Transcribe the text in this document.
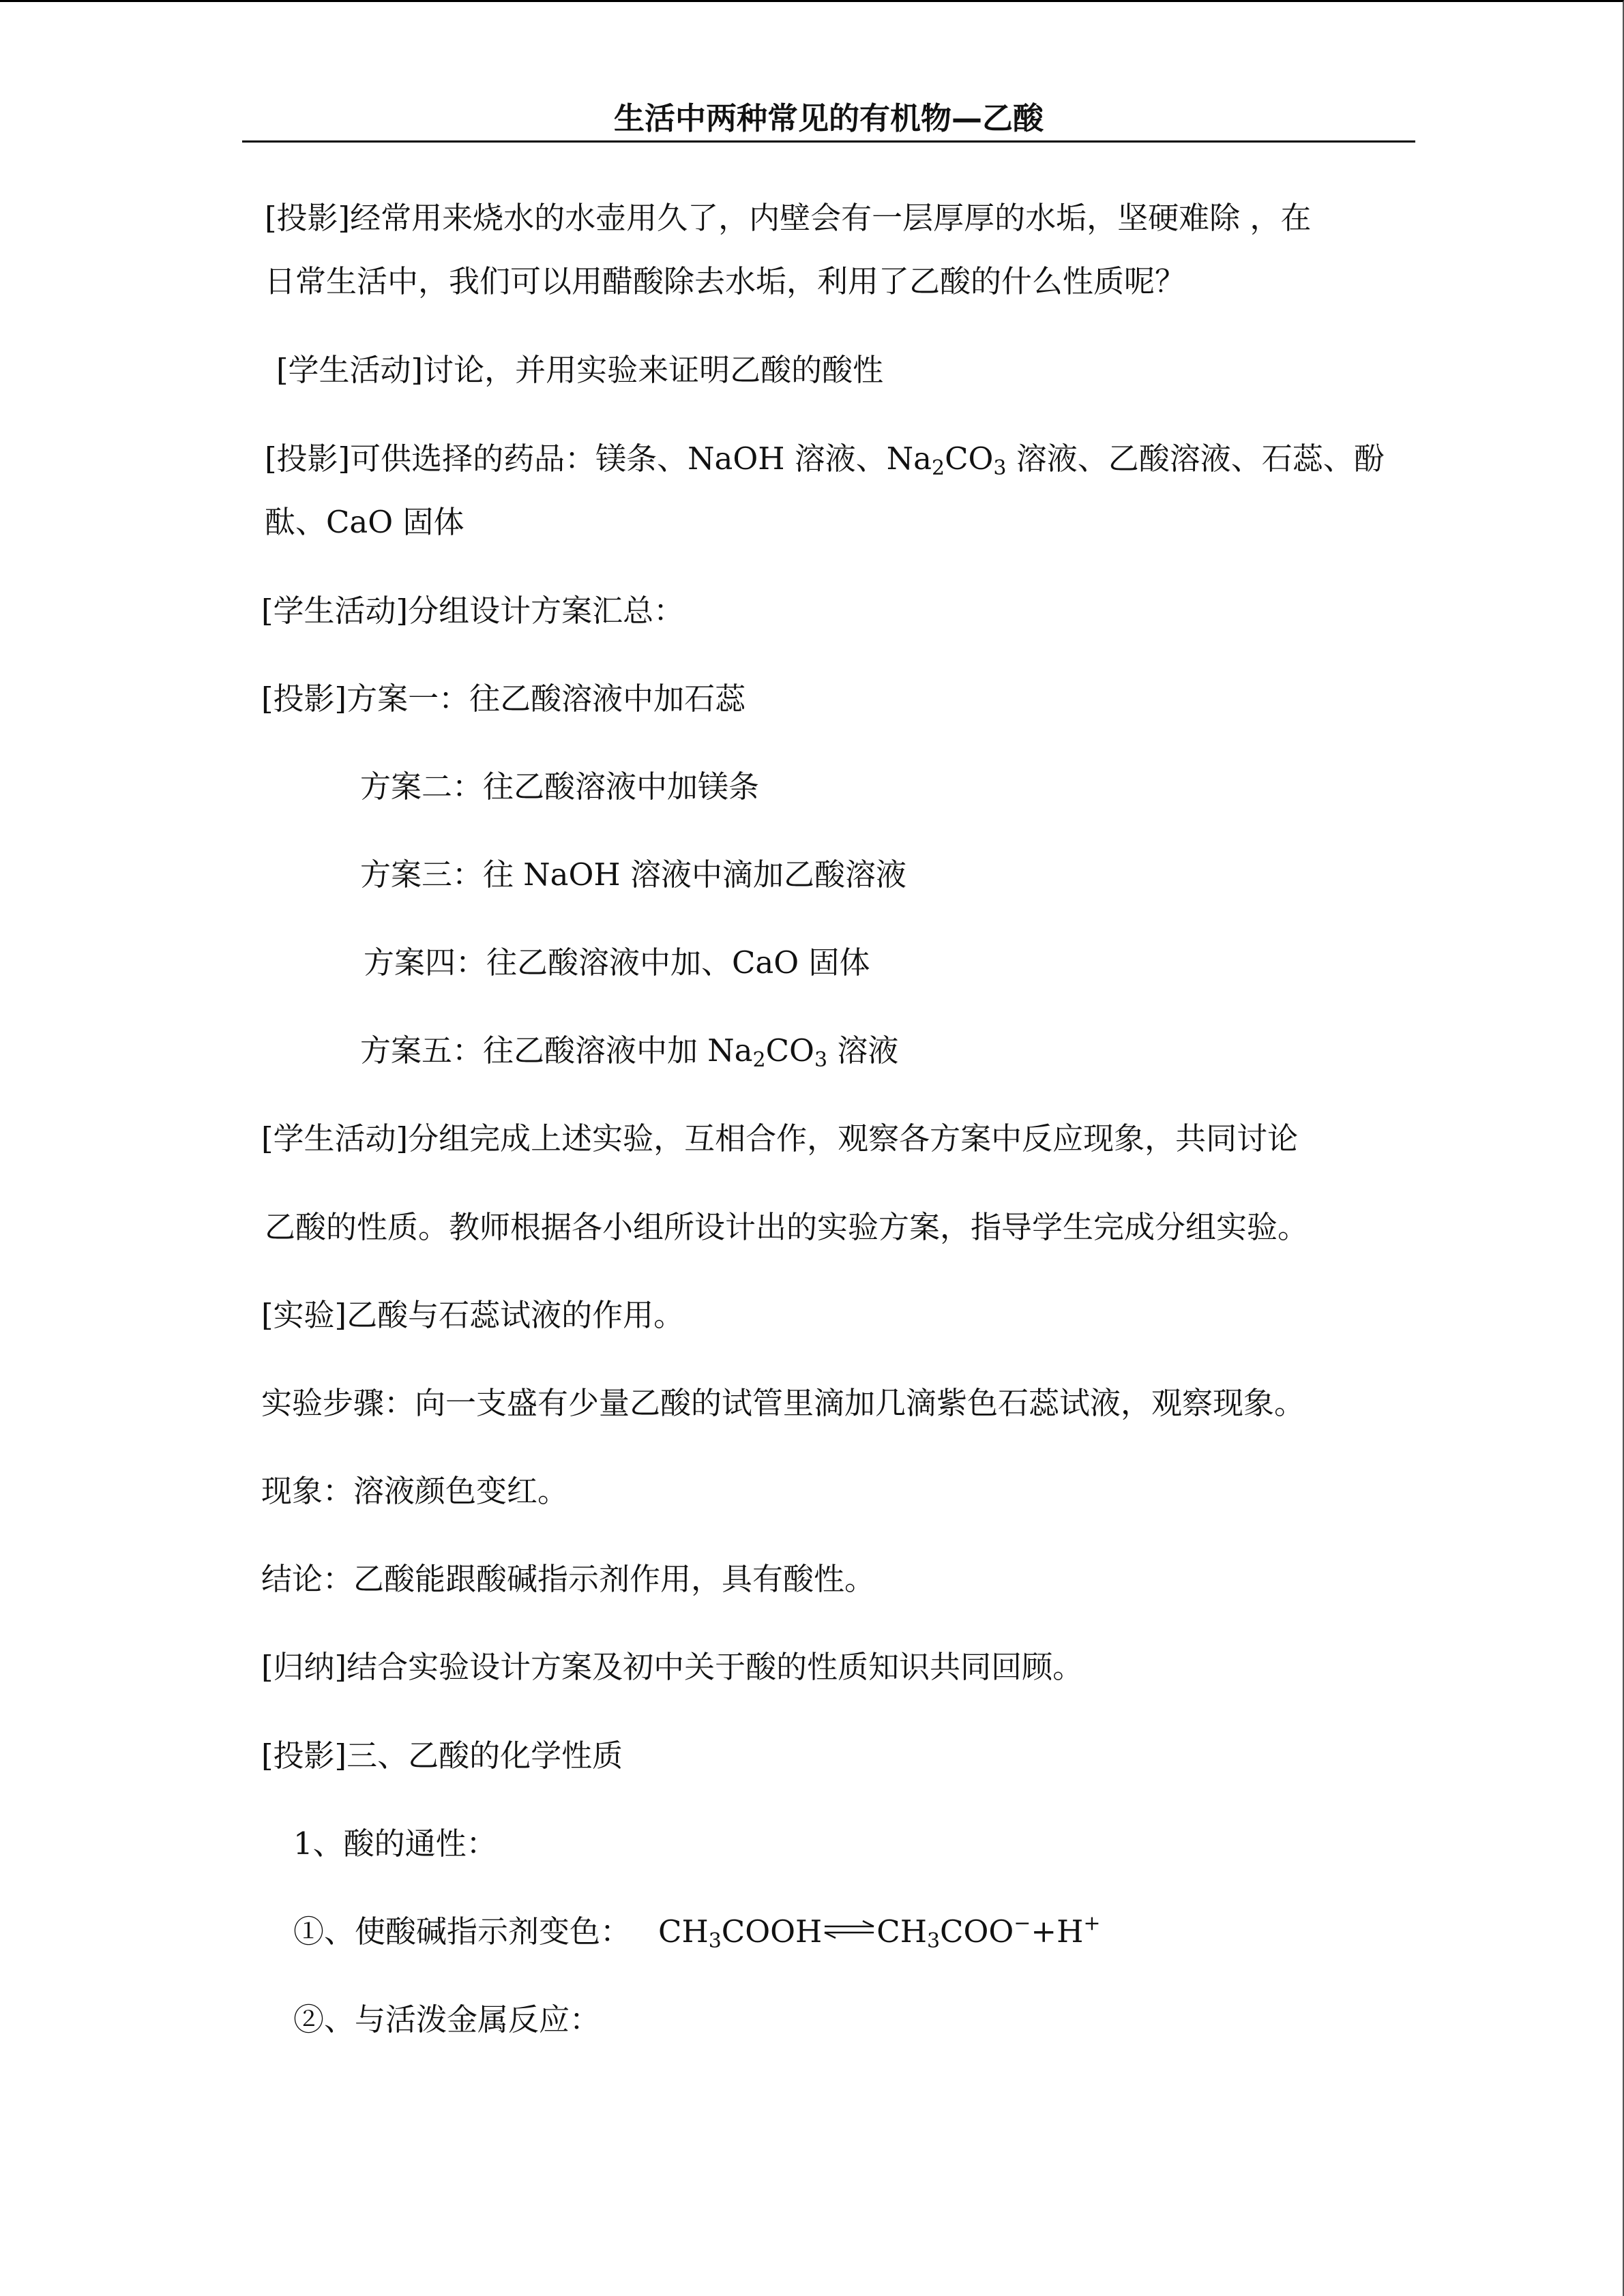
生活中两种常见的有机物—乙酸
[投影]经常用来烧水的水壶用久了，内壁会有一层厚厚的水垢，坚硬难除 ，在
日常生活中，我们可以用醋酸除去水垢，利用了乙酸的什么性质呢？
[学生活动]讨论，并用实验来证明乙酸的酸性
[投影]可供选择的药品：镁条、NaOH 溶液、$Na_2CO_3$ 溶液、乙酸溶液、石蕊、酚
酞、CaO 固体
[学生活动]分组设计方案汇总：
[投影]方案一：往乙酸溶液中加石蕊
方案二：往乙酸溶液中加镁条
方案三：往 NaOH 溶液中滴加乙酸溶液
方案四：往乙酸溶液中加、CaO 固体
方案五：往乙酸溶液中加 $Na_2CO_3$ 溶液
[学生活动]分组完成上述实验，互相合作，观察各方案中反应现象，共同讨论
乙酸的性质。教师根据各小组所设计出的实验方案，指导学生完成分组实验。
[实验]乙酸与石蕊试液的作用。
实验步骤：向一支盛有少量乙酸的试管里滴加几滴紫色石蕊试液，观察现象。
现象：溶液颜色变红。
结论：乙酸能跟酸碱指示剂作用，具有酸性。
[归纳]结合实验设计方案及初中关于酸的性质知识共同回顾。
[投影]三、乙酸的化学性质
1、酸的通性：
①、使酸碱指示剂变色： $CH_3COOH\rightleftharpoons CH_3COO^-+H^+$
②、与活泼金属反应：
